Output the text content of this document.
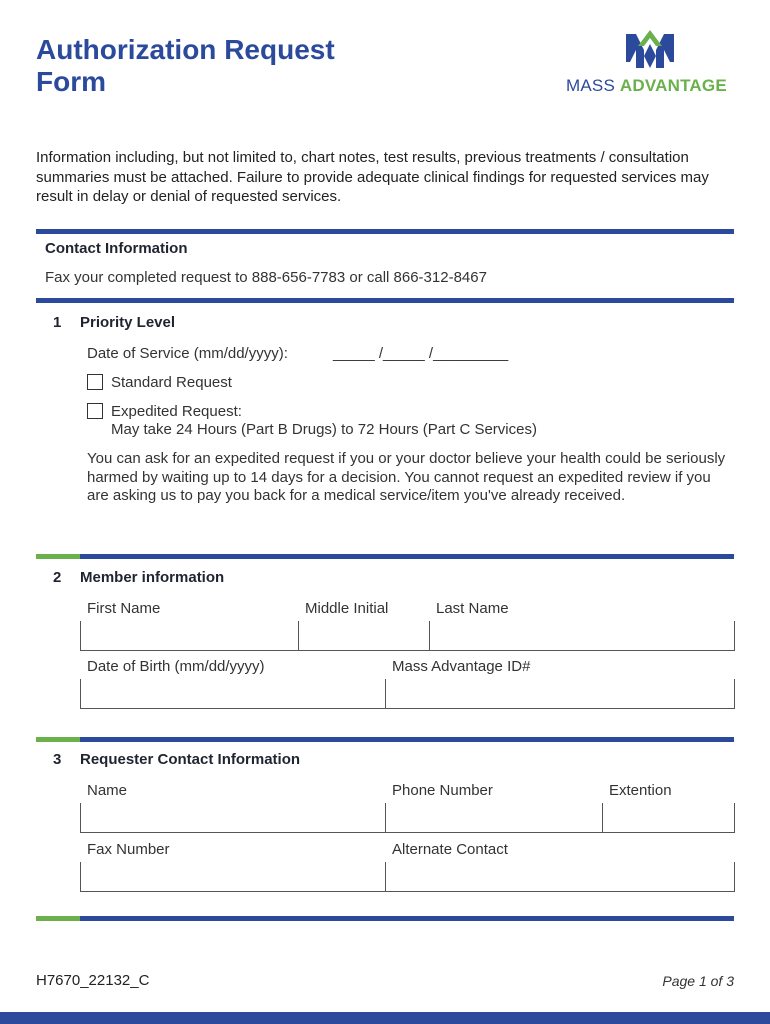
Authorization Request
Form	MASS ADVANTAGE

Information including, but not limited to, chart notes, test results, previous treatments / consultation summaries must be attached. Failure to provide adequate clinical findings for requested services may result in delay or denial of requested services.

Contact Information
Fax your completed request to 888-656-7783 or call 866-312-8467
1 Priority Level
Date of Service (mm/dd/yyyy):	_____ /_____ /_________
Standard Request
Expedited Request:
May take 24 Hours (Part B Drugs) to 72 Hours (Part C Services)

You can ask for an expedited request if you or your doctor believe your health could be seriously harmed by waiting up to 14 days for a decision. You cannot request an expedited review if you are asking us to pay you back for a medical service/item you've already received.

2 Member information
First Name	Middle Initial	Last Name
Date of Birth (mm/dd/yyyy)	Mass Advantage ID#
3 Requester Contact Information
Name	Phone Number	Extention
Fax Number	Alternate Contact
H7670_22132_C	Page 1 of 3
